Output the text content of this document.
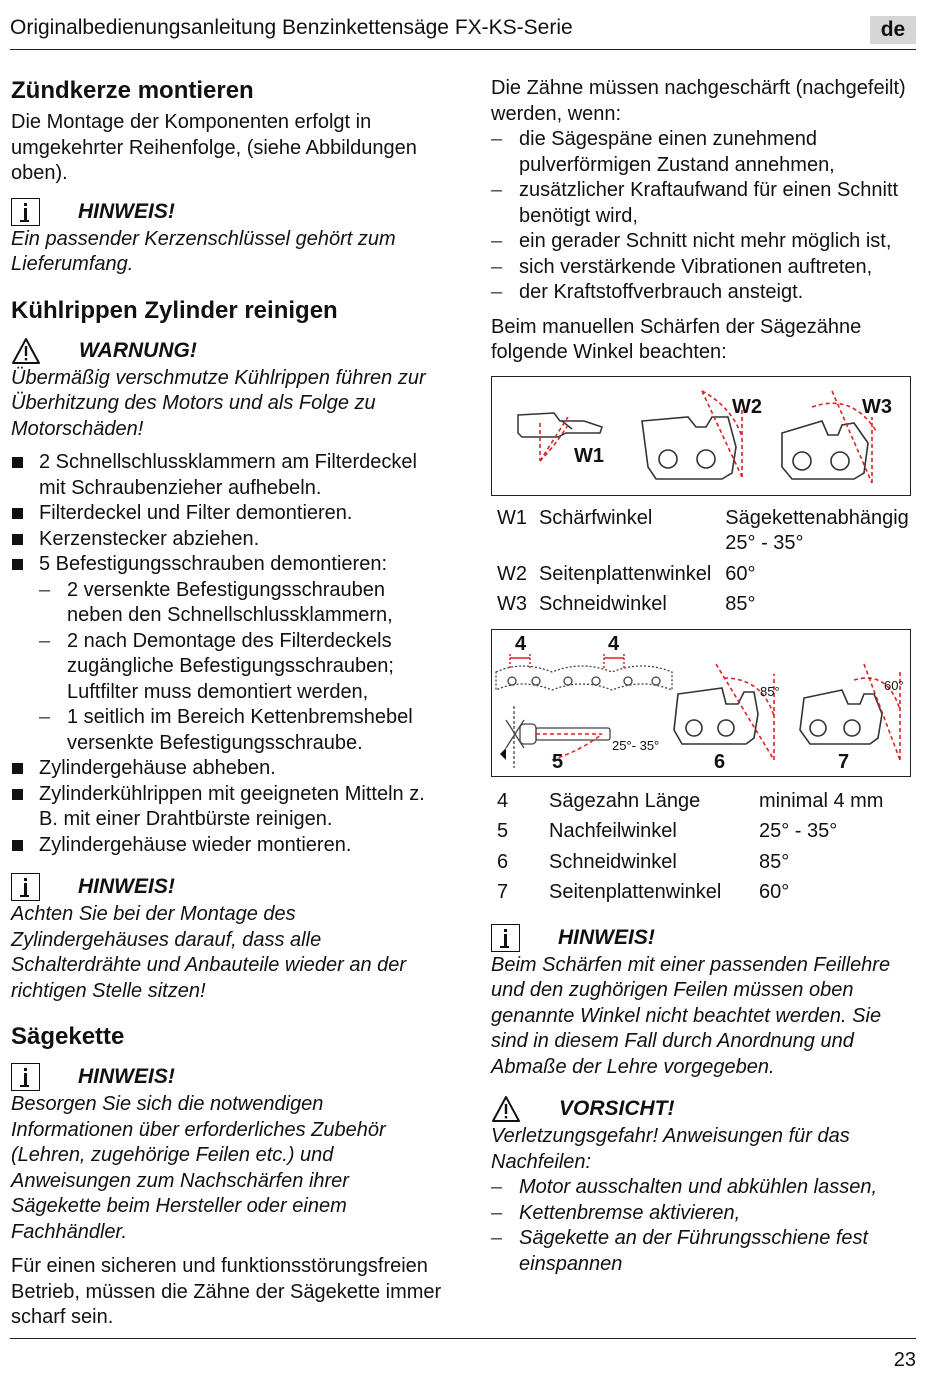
Originalbedienungsanleitung Benzinkettensäge FX-KS-Serie	de
Zündkerze montieren

Die Montage der Komponenten erfolgt in umgekehrter Reihenfolge, (siehe Abbildungen oben).

HINWEIS!

Ein passender Kerzenschlüssel gehört zum Lieferumfang.

Kühlrippen Zylinder reinigen
WARNUNG!

Übermäßig verschmutze Kühlrippen führen zur Überhitzung des Motors und als Folge zu Motorschäden!

2 Schnellschlussklammern am Filterdeckel mit Schraubenzieher aufhebeln.
Filterdeckel und Filter demontieren.
Kerzenstecker abziehen.
5 Befestigungsschrauben demontieren:
– 2 versenkte Befestigungsschrauben neben den Schnellschlussklammern,
– 2 nach Demontage des Filterdeckels zugängliche Befestigungsschrauben; Luftfilter muss demontiert werden,
– 1 seitlich im Bereich Kettenbremshebel versenkte Befestigungsschraube.
Zylindergehäuse abheben.
Zylinderkühlrippen mit geeigneten Mitteln z. B. mit einer Drahtbürste reinigen.
Zylindergehäuse wieder montieren.
HINWEIS!

Achten Sie bei der Montage des Zylindergehäuses darauf, dass alle Schalterdrähte und Anbauteile wieder an der richtigen Stelle sitzen!

Sägekette
HINWEIS!

Besorgen Sie sich die notwendigen Informationen über erforderliches Zubehör (Lehren, zugehörige Feilen etc.) und Anweisungen zum Nachschärfen ihrer Sägekette beim Hersteller oder einem Fachhändler.

Für einen sicheren und funktionsstörungsfreien Betrieb, müssen die Zähne der Sägekette immer scharf sein.

Die Zähne müssen nachgeschärft (nachgefeilt) werden, wenn:

– die Sägespäne einen zunehmend pulverförmigen Zustand annehmen,
– zusätzlicher Kraftaufwand für einen Schnitt benötigt wird,
– ein gerader Schnitt nicht mehr möglich ist,
– sich verstärkende Vibrationen auftreten,
– der Kraftstoffverbrauch ansteigt.

Beim manuellen Schärfen der Sägezähne folgende Winkel beachten:

W1
W2	W3
W1	Schärfwinkel	Sägekettenabhängig 25° - 35°
W2	Seitenplattenwinkel	60°
W3	Schneidwinkel	85°
4	4
25°- 35°
5
85°
6
60°
7
4	Sägezahn Länge	minimal 4 mm
5	Nachfeilwinkel	25° - 35°
6	Schneidwinkel	85°
7	Seitenplattenwinkel	60°
HINWEIS!

Beim Schärfen mit einer passenden Feillehre und den zughörigen Feilen müssen oben genannte Winkel nicht beachtet werden. Sie sind in diesem Fall durch Anordnung und Abmaße der Lehre vorgegeben.

VORSICHT!

Verletzungsgefahr! Anweisungen für das Nachfeilen:

– Motor ausschalten und abkühlen lassen,
– Kettenbremse aktivieren,
– Sägekette an der Führungsschiene fest einspannen
23
